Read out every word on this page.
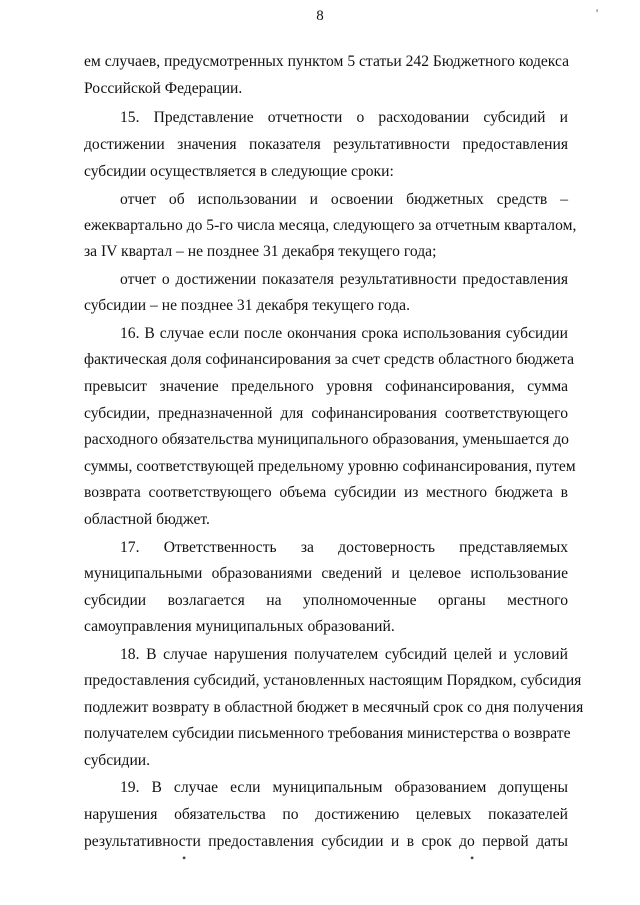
8	'
ем случаев, предусмотренных пунктом 5 статьи 242 Бюджетного кодекса
Российской Федерации.
15. Представление отчетности о расходовании субсидий и
достижении значения показателя результативности предоставления
субсидии осуществляется в следующие сроки:
отчет об использовании и освоении бюджетных средств –
ежеквартально до 5-го числа месяца, следующего за отчетным кварталом,
за IV квартал – не позднее 31 декабря текущего года;
отчет о достижении показателя результативности предоставления
субсидии – не позднее 31 декабря текущего года.
16. В случае если после окончания срока использования субсидии
фактическая доля софинансирования за счет средств областного бюджета
превысит значение предельного уровня софинансирования, сумма
субсидии, предназначенной для софинансирования соответствующего
расходного обязательства муниципального образования, уменьшается до
суммы, соответствующей предельному уровню софинансирования, путем
возврата соответствующего объема субсидии из местного бюджета в
областной бюджет.
17. Ответственность за достоверность представляемых
муниципальными образованиями сведений и целевое использование
субсидии возлагается на уполномоченные органы местного
самоуправления муниципальных образований.
18. В случае нарушения получателем субсидий целей и условий
предоставления субсидий, установленных настоящим Порядком, субсидия
подлежит возврату в областной бюджет в месячный срок со дня получения
получателем субсидии письменного требования министерства о возврате
субсидии.
19. В случае если муниципальным образованием допущены
нарушения обязательства по достижению целевых показателей
результативности предоставления субсидии и в срок до первой даты
•	•
